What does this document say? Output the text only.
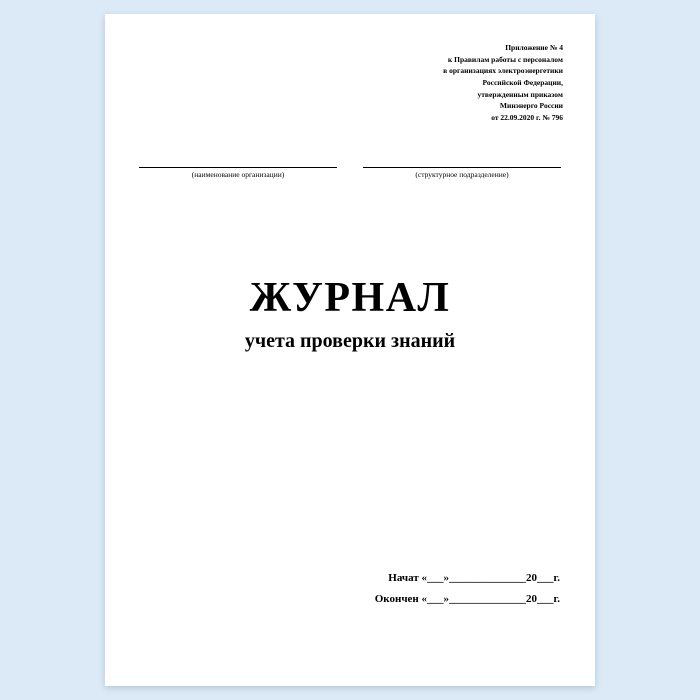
Приложение № 4
к Правилам работы с персоналом
в организациях электроэнергетики
Российской Федерации,
утвержденным приказом
Минэнерго России
от 22.09.2020 г. № 796
(наименование организации)	(структурное подразделение)
ЖУРНАЛ
учета проверки знаний
Начат «___»______________20___г.
Окончен «___»______________20___г.
